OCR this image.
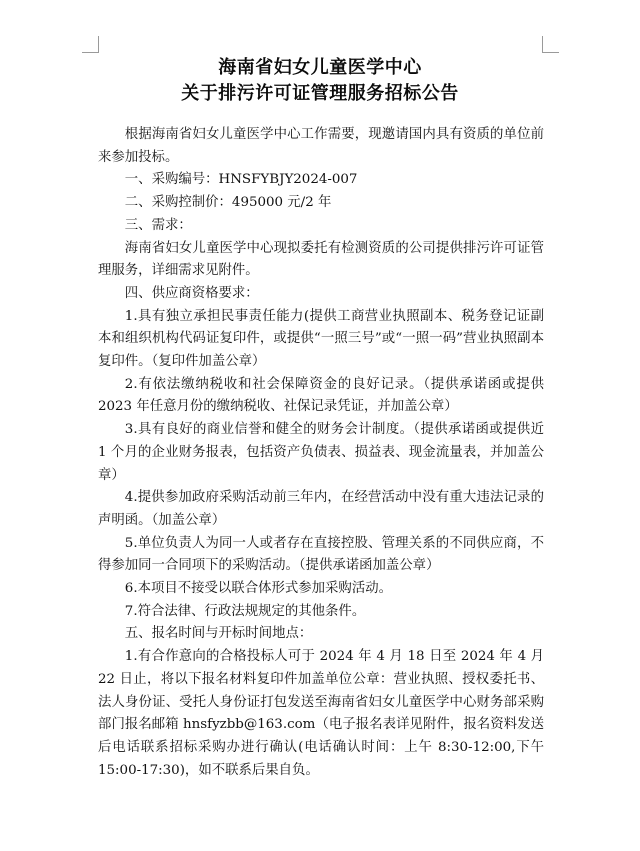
海南省妇女儿童医学中心
关于排污许可证管理服务招标公告

根据海南省妇女儿童医学中心工作需要，现邀请国内具有资质的单位前来参加投标。

一、采购编号：HNSFYBJY2024-007

二、采购控制价：495000 元/2 年

三、需求：

海南省妇女儿童医学中心现拟委托有检测资质的公司提供排污许可证管理服务，详细需求见附件。

四、供应商资格要求：

1.具有独立承担民事责任能力(提供工商营业执照副本、税务登记证副本和组织机构代码证复印件，或提供“一照三号”或“一照一码”营业执照副本复印件。（复印件加盖公章）

2.有依法缴纳税收和社会保障资金的良好记录。（提供承诺函或提供 2023 年任意月份的缴纳税收、社保记录凭证，并加盖公章）

3.具有良好的商业信誉和健全的财务会计制度。（提供承诺函或提供近 1 个月的企业财务报表，包括资产负债表、损益表、现金流量表，并加盖公章）

4.提供参加政府采购活动前三年内，在经营活动中没有重大违法记录的声明函。（加盖公章）

5.单位负责人为同一人或者存在直接控股、管理关系的不同供应商，不得参加同一合同项下的采购活动。（提供承诺函加盖公章）

6.本项目不接受以联合体形式参加采购活动。

7.符合法律、行政法规规定的其他条件。

五、报名时间与开标时间地点：

1.有合作意向的合格投标人可于 2024 年 4 月 18 日至 2024 年 4 月 22 日止，将以下报名材料复印件加盖单位公章：营业执照、授权委托书、法人身份证、受托人身份证打包发送至海南省妇女儿童医学中心财务部采购部门报名邮箱 hnsfyzbb@163.com（电子报名表详见附件，报名资料发送后电话联系招标采购办进行确认(电话确认时间：上午 8:30-12:00,下午 15:00-17:30)，如不联系后果自负。
